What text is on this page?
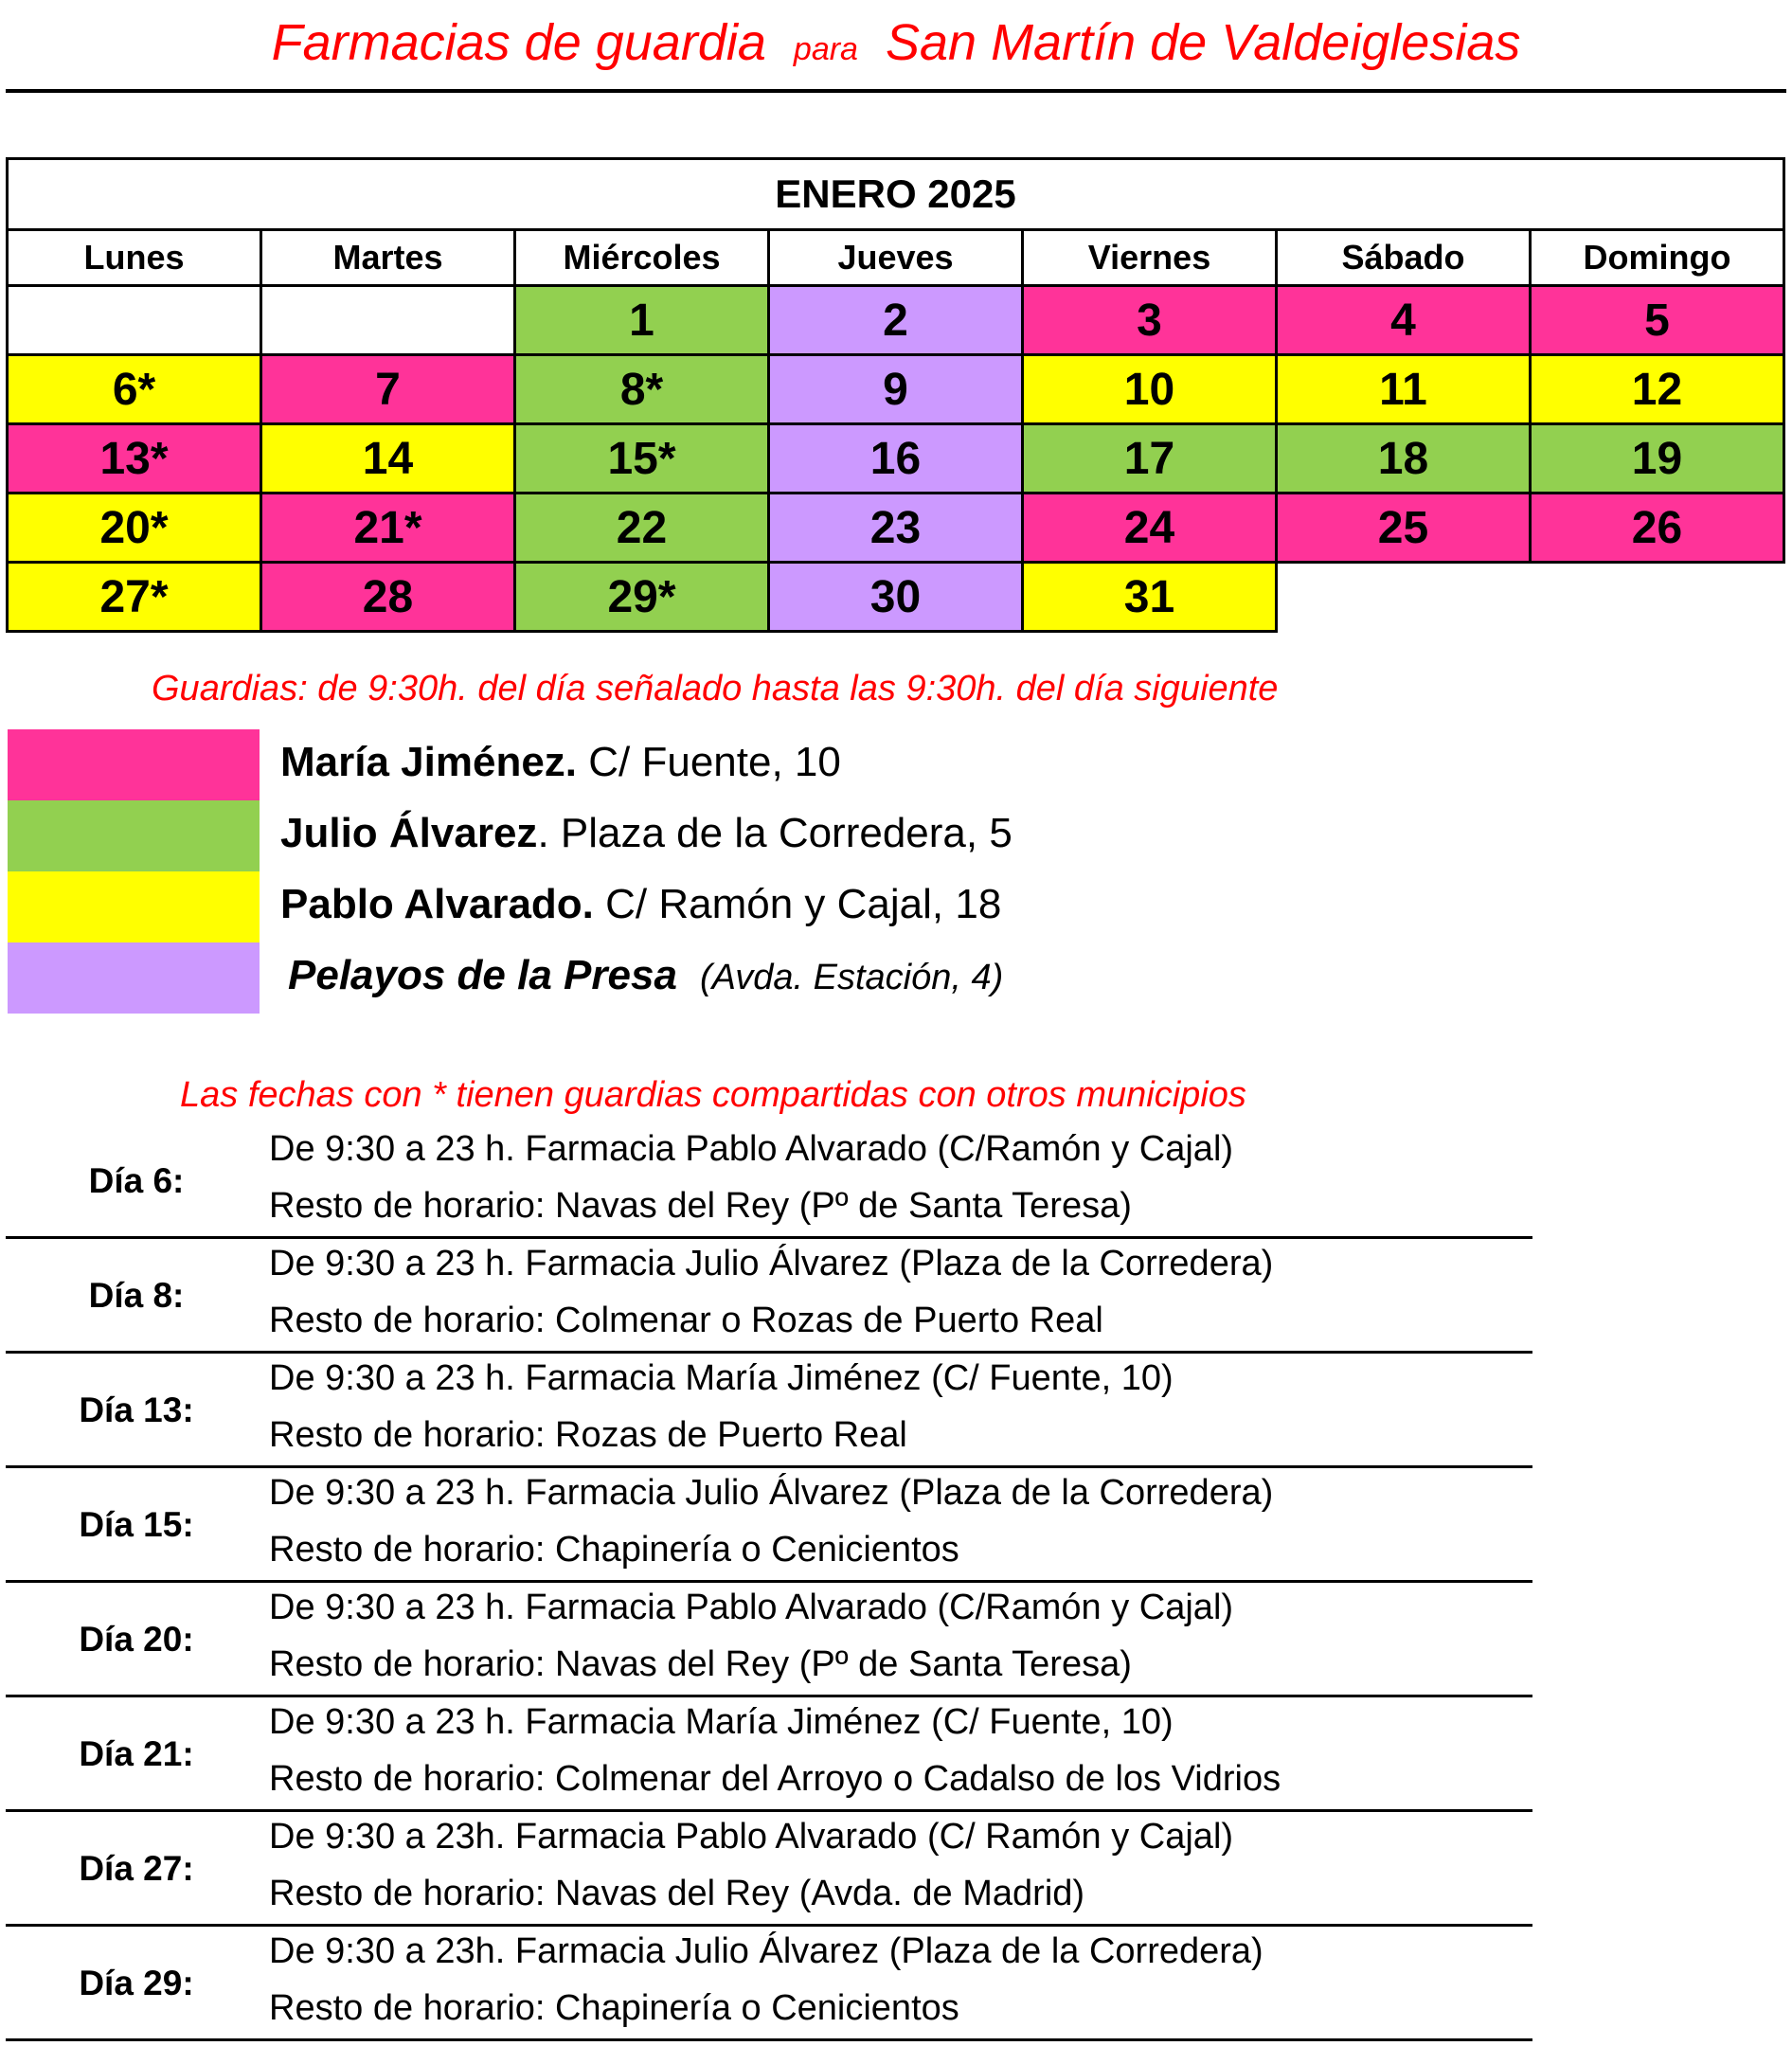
Farmacias de guardia para San Martín de Valdeiglesias
ENERO 2025						
Lunes	Martes	Miércoles	Jueves	Viernes	Sábado	Domingo
		1	2	3	4	5
6*	7	8*	9	10	11	12
13*	14	15*	16	17	18	19
20*	21*	22	23	24	25	26
27*	28	29*	30	31		
Guardias: de 9:30h. del día señalado hasta las 9:30h. del día siguiente
María Jiménez. C/ Fuente, 10
Julio Álvarez. Plaza de la Corredera, 5
Pablo Alvarado. C/ Ramón y Cajal, 18
Pelayos de la Presa (Avda. Estación, 4)
Las fechas con * tienen guardias compartidas con otros municipios
Día 6:
De 9:30 a 23 h. Farmacia Pablo Alvarado (C/Ramón y Cajal)
Resto de horario: Navas del Rey (Pº de Santa Teresa)
Día 8:
De 9:30 a 23 h. Farmacia Julio Álvarez (Plaza de la Corredera)
Resto de horario: Colmenar o Rozas de Puerto Real
Día 13:
De 9:30 a 23 h. Farmacia María Jiménez (C/ Fuente, 10)
Resto de horario: Rozas de Puerto Real
Día 15:
De 9:30 a 23 h. Farmacia Julio Álvarez (Plaza de la Corredera)
Resto de horario: Chapinería o Cenicientos
Día 20:
De 9:30 a 23 h. Farmacia Pablo Alvarado (C/Ramón y Cajal)
Resto de horario: Navas del Rey (Pº de Santa Teresa)
Día 21:
De 9:30 a 23 h. Farmacia María Jiménez (C/ Fuente, 10)
Resto de horario: Colmenar del Arroyo o Cadalso de los Vidrios
Día 27:
De 9:30 a 23h. Farmacia Pablo Alvarado (C/ Ramón y Cajal)
Resto de horario: Navas del Rey (Avda. de Madrid)
Día 29:
De 9:30 a 23h. Farmacia Julio Álvarez (Plaza de la Corredera)
Resto de horario: Chapinería o Cenicientos
